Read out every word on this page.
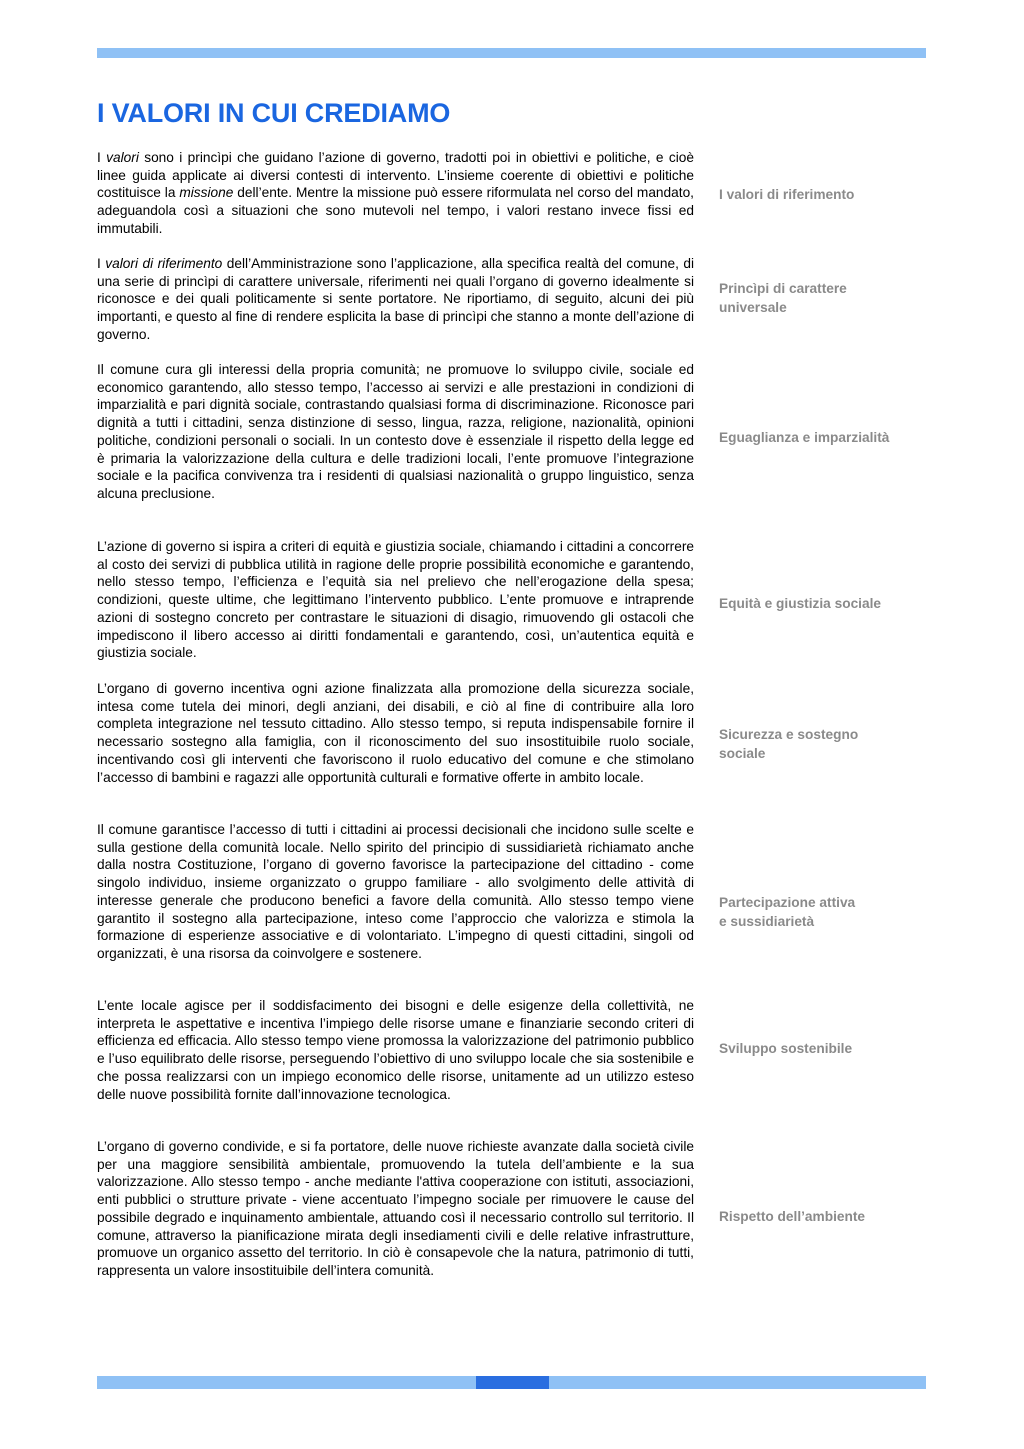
I VALORI IN CUI CREDIAMO

I valori sono i princìpi che guidano l’azione di governo, tradotti poi in obiettivi e politiche, e cioè linee guida applicate ai diversi contesti di intervento. L’insieme coerente di obiettivi e politiche costituisce la missione dell’ente. Mentre la missione può essere riformulata nel corso del mandato, adeguandola così a situazioni che sono mutevoli nel tempo, i valori restano invece fissi ed immutabili.

I valori di riferimento dell’Amministrazione sono l’applicazione, alla specifica realtà del comune, di una serie di princìpi di carattere universale, riferimenti nei quali l’organo di governo idealmente si riconosce e dei quali politicamente si sente portatore. Ne riportiamo, di seguito, alcuni dei più importanti, e questo al fine di rendere esplicita la base di princìpi che stanno a monte dell’azione di governo.

Il comune cura gli interessi della propria comunità; ne promuove lo sviluppo civile, sociale ed economico garantendo, allo stesso tempo, l’accesso ai servizi e alle prestazioni in condizioni di imparzialità e pari dignità sociale, contrastando qualsiasi forma di discriminazione. Riconosce pari dignità a tutti i cittadini, senza distinzione di sesso, lingua, razza, religione, nazionalità, opinioni politiche, condizioni personali o sociali. In un contesto dove è essenziale il rispetto della legge ed è primaria la valorizzazione della cultura e delle tradizioni locali, l’ente promuove l’integrazione sociale e la pacifica convivenza tra i residenti di qualsiasi nazionalità o gruppo linguistico, senza alcuna preclusione.

L’azione di governo si ispira a criteri di equità e giustizia sociale, chiamando i cittadini a concorrere al costo dei servizi di pubblica utilità in ragione delle proprie possibilità economiche e garantendo, nello stesso tempo, l’efficienza e l’equità sia nel prelievo che nell’erogazione della spesa; condizioni, queste ultime, che legittimano l’intervento pubblico. L’ente promuove e intraprende azioni di sostegno concreto per contrastare le situazioni di disagio, rimuovendo gli ostacoli che impediscono il libero accesso ai diritti fondamentali e garantendo, così, un’autentica equità e giustizia sociale.

L’organo di governo incentiva ogni azione finalizzata alla promozione della sicurezza sociale, intesa come tutela dei minori, degli anziani, dei disabili, e ciò al fine di contribuire alla loro completa integrazione nel tessuto cittadino. Allo stesso tempo, si reputa indispensabile fornire il necessario sostegno alla famiglia, con il riconoscimento del suo insostituibile ruolo sociale, incentivando così gli interventi che favoriscono il ruolo educativo del comune e che stimolano l’accesso di bambini e ragazzi alle opportunità culturali e formative offerte in ambito locale.

Il comune garantisce l’accesso di tutti i cittadini ai processi decisionali che incidono sulle scelte e sulla gestione della comunità locale. Nello spirito del principio di sussidiarietà richiamato anche dalla nostra Costituzione, l’organo di governo favorisce la partecipazione del cittadino - come singolo individuo, insieme organizzato o gruppo familiare - allo svolgimento delle attività di interesse generale che producono benefici a favore della comunità. Allo stesso tempo viene garantito il sostegno alla partecipazione, inteso come l’approccio che valorizza e stimola la formazione di esperienze associative e di volontariato. L’impegno di questi cittadini, singoli od organizzati, è una risorsa da coinvolgere e sostenere.

L’ente locale agisce per il soddisfacimento dei bisogni e delle esigenze della collettività, ne interpreta le aspettative e incentiva l’impiego delle risorse umane e finanziarie secondo criteri di efficienza ed efficacia. Allo stesso tempo viene promossa la valorizzazione del patrimonio pubblico e l’uso equilibrato delle risorse, perseguendo l’obiettivo di uno sviluppo locale che sia sostenibile e che possa realizzarsi con un impiego economico delle risorse, unitamente ad un utilizzo esteso delle nuove possibilità fornite dall’innovazione tecnologica.

L’organo di governo condivide, e si fa portatore, delle nuove richieste avanzate dalla società civile per una maggiore sensibilità ambientale, promuovendo la tutela dell’ambiente e la sua valorizzazione. Allo stesso tempo - anche mediante l'attiva cooperazione con istituti, associazioni, enti pubblici o strutture private - viene accentuato l’impegno sociale per rimuovere le cause del possibile degrado e inquinamento ambientale, attuando così il necessario controllo sul territorio. Il comune, attraverso la pianificazione mirata degli insediamenti civili e delle relative infrastrutture, promuove un organico assetto del territorio. In ciò è consapevole che la natura, patrimonio di tutti, rappresenta un valore insostituibile dell’intera comunità.

I valori di riferimento
Princìpi di carattere
universale
Eguaglianza e imparzialità
Equità e giustizia sociale
Sicurezza e sostegno
sociale
Partecipazione attiva
e sussidiarietà
Sviluppo sostenibile
Rispetto dell’ambiente
